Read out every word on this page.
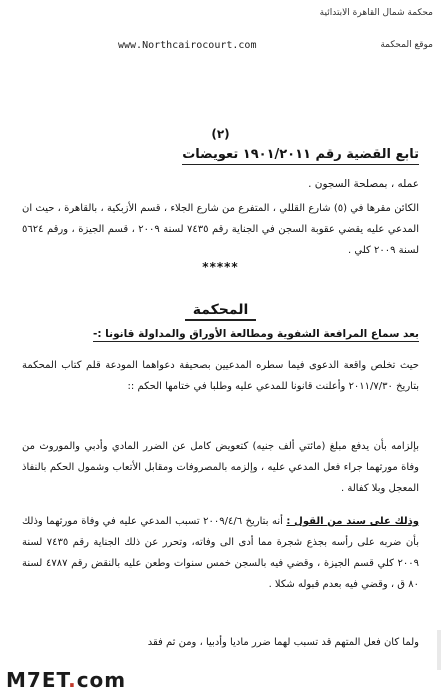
محكمة شمال القاهرة الابتدائية
موقع المحكمة
www.Northcairocourt.com
(٢)
تابع القضية رقم ١٩٠١/٢٠١١ تعويضات
عمله ، بمصلحة السجون .
الكائن مقرها في (٥) شارع القللي ، المتفرع من شارع الجلاء ، قسم الأزبكية ، بالقاهرة ، حيث ان المدعي عليه يقضي عقوبة السجن في الجناية رقم ٧٤٣٥ لسنة ٢٠٠٩ ، قسم الجيزة ، ورقم ٥٦٢٤ لسنة ٢٠٠٩ كلي .
*****
المحكمة
بعد سماع المرافعة الشفوية ومطالعة الأوراق والمداولة قانونا :-
حيث تخلص واقعة الدعوى فيما سطره المدعيين بصحيفة دعواهما المودعة قلم كتاب المحكمة بتاريخ ٢٠١١/٧/٣٠ وأعلنت قانونا للمدعي عليه وطلبا في ختامها الحكم ::
بإلزامه بأن يدفع مبلغ (مائتي ألف جنيه) كتعويض كامل عن الضرر المادي وأدبي والموروث من وفاة مورثهما جراء فعل المدعي عليه ، وإلزمه بالمصروفات ومقابل الأتعاب وشمول الحكم بالنفاذ المعجل وبلا كفالة .
وذلك على سند من القول : أنه بتاريخ ٢٠٠٩/٤/٦ تسبب المدعي عليه في وفاة مورثهما وذلك بأن ضربه على رأسه بجذع شجرة مما أدى الى وفاته، وتحرر عن ذلك الجناية رقم ٧٤٣٥ لسنة ٢٠٠٩ كلي قسم الجيزة ، وقضي فيه بالسجن خمس سنوات وطعن عليه بالنقض رقم ٤٧٨٧ لسنة ٨٠ ق ، وقضي فيه بعدم قبوله شكلا .
ولما كان فعل المتهم قد تسبب لهما ضرر ماديا وأدبيا ، ومن ثم فقد
M7ET.com
